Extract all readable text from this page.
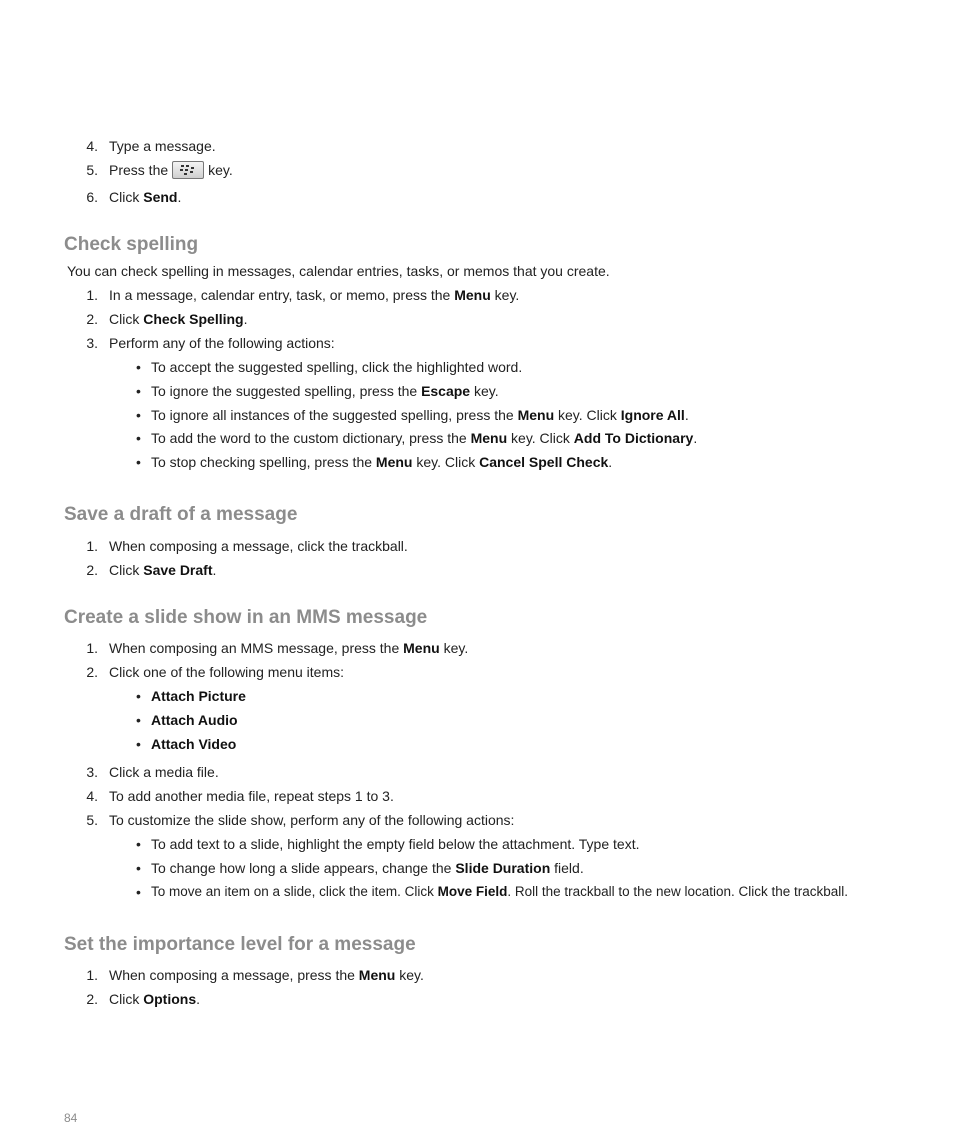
4. Type a message.
5. Press the	key.
6. Click Send.
Check spelling
You can check spelling in messages, calendar entries, tasks, or memos that you create.
1. In a message, calendar entry, task, or memo, press the Menu key.
2. Click Check Spelling.
3. Perform any of the following actions:
• To accept the suggested spelling, click the highlighted word.
• To ignore the suggested spelling, press the Escape key.
• To ignore all instances of the suggested spelling, press the Menu key. Click Ignore All.
• To add the word to the custom dictionary, press the Menu key. Click Add To Dictionary.
• To stop checking spelling, press the Menu key. Click Cancel Spell Check.
Save a draft of a message
1. When composing a message, click the trackball.
2. Click Save Draft.
Create a slide show in an MMS message
1. When composing an MMS message, press the Menu key.
2. Click one of the following menu items:
• Attach Picture
• Attach Audio
• Attach Video
3. Click a media file.
4. To add another media file, repeat steps 1 to 3.
5. To customize the slide show, perform any of the following actions:
• To add text to a slide, highlight the empty field below the attachment. Type text.
• To change how long a slide appears, change the Slide Duration field.
• To move an item on a slide, click the item. Click Move Field. Roll the trackball to the new location. Click the trackball.
Set the importance level for a message
1. When composing a message, press the Menu key.
2. Click Options.
84
